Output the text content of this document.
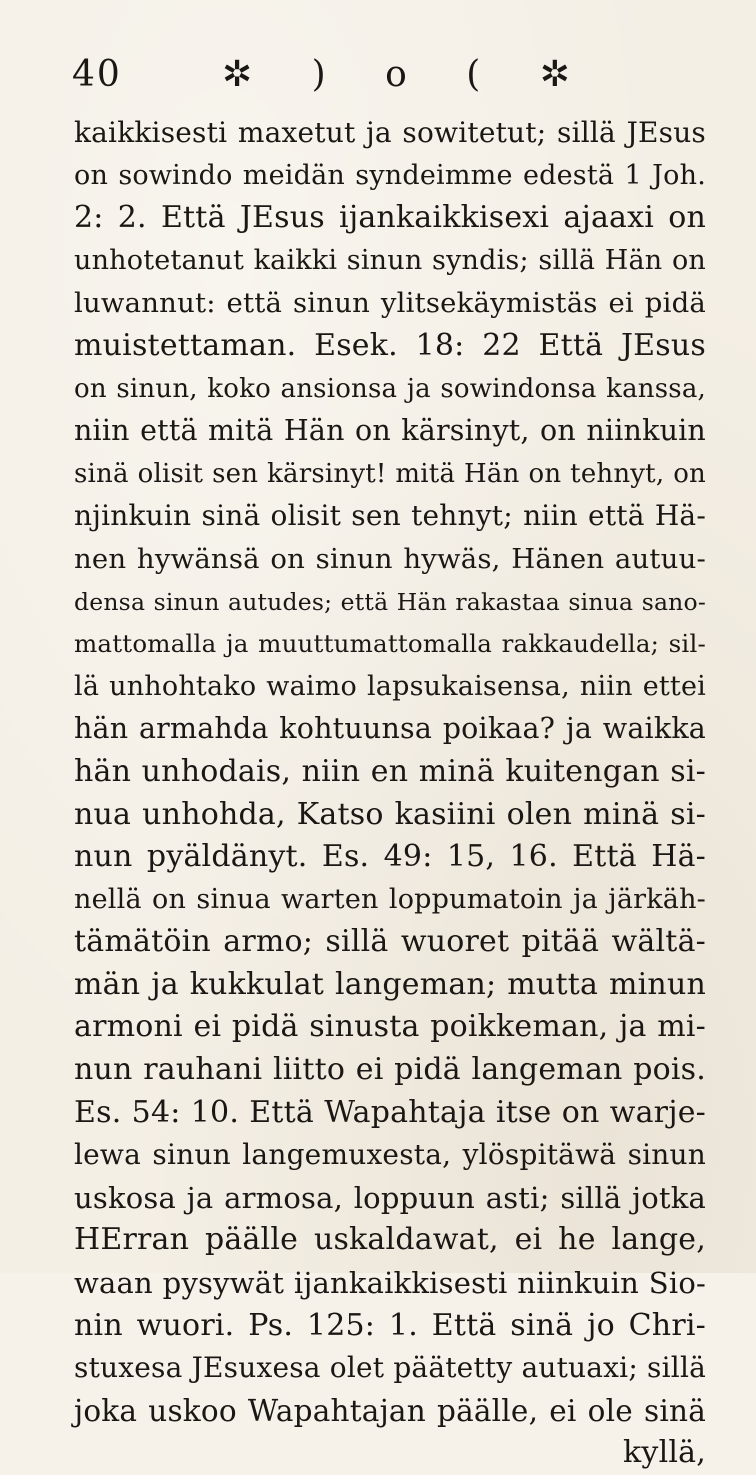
40	✲ ) o ( ✲
kaikkisesti maxetut ja sowitetut; sillä JEsus
on sowindo meidän syndeimme edestä 1 Joh.
2: 2. Että JEsus ijankaikkisexi ajaaxi on
unhotetanut kaikki sinun syndis; sillä Hän on
luwannut: että sinun ylitsekäymistäs ei pidä
muistettaman. Esek. 18: 22 Että JEsus
on sinun, koko ansionsa ja sowindonsa kanssa,
niin että mitä Hän on kärsinyt, on niinkuin
sinä olisit sen kärsinyt! mitä Hän on tehnyt, on
njinkuin sinä olisit sen tehnyt; niin että Hä-
nen hywänsä on sinun hywäs, Hänen autuu-
densa sinun autudes; että Hän rakastaa sinua sano-
mattomalla ja muuttumattomalla rakkaudella; sil-
lä unhohtako waimo lapsukaisensa, niin ettei
hän armahda kohtuunsa poikaa? ja waikka
hän unhodais, niin en minä kuitengan si-
nua unhohda, Katso kasiini olen minä si-
nun pyäldänyt. Es. 49: 15, 16. Että Hä-
nellä on sinua warten loppumatoin ja järkäh-
tämätöin armo; sillä wuoret pitää wältä-
män ja kukkulat langeman; mutta minun
armoni ei pidä sinusta poikkeman, ja mi-
nun rauhani liitto ei pidä langeman pois.
Es. 54: 10. Että Wapahtaja itse on warje-
lewa sinun langemuxesta, ylöspitäwä sinun
uskosa ja armosa, loppuun asti; sillä jotka
HErran päälle uskaldawat, ei he lange,
waan pysywät ijankaikkisesti niinkuin Sio-
nin wuori. Ps. 125: 1. Että sinä jo Chri-
stuxesa JEsuxesa olet päätetty autuaxi; sillä
joka uskoo Wapahtajan päälle, ei ole sinä
kyllä,
